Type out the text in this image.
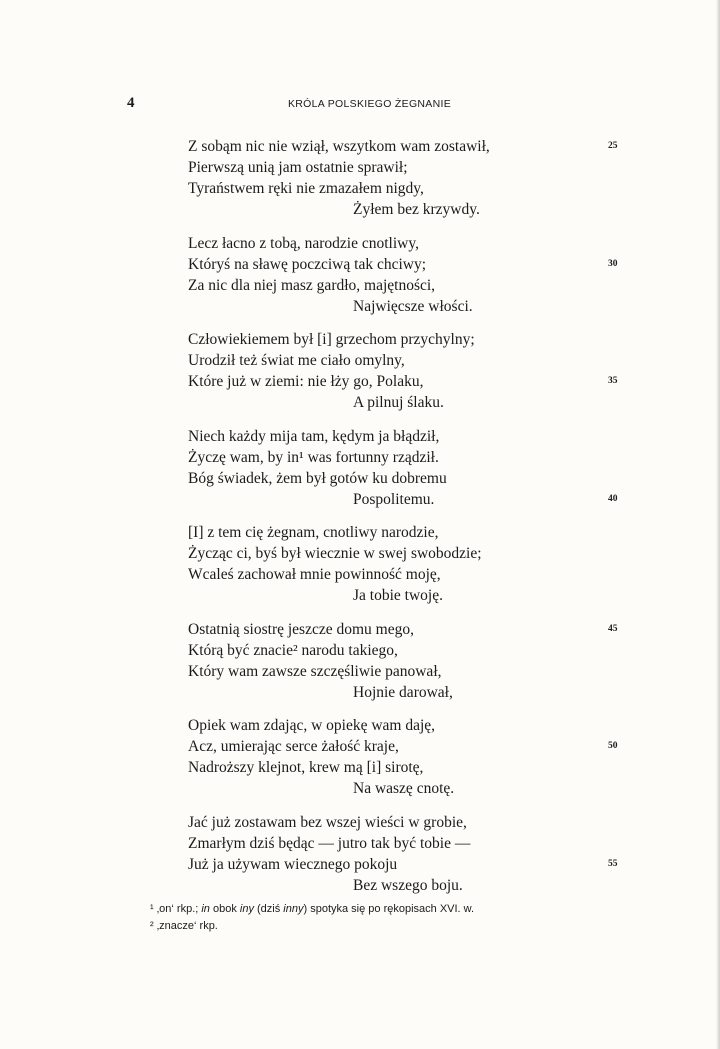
4	KRÓLA POLSKIEGO ŻEGNANIE
Z sobąm nic nie wziął, wszytkom wam zostawił,	25
Pierwszą unią jam ostatnie sprawił;
Tyraństwem ręki nie zmazałem nigdy,
Żyłem bez krzywdy.
Lecz łacno z tobą, narodzie cnotliwy,
Któryś na sławę poczciwą tak chciwy;	30
Za nic dla niej masz gardło, majętności,
Najwięcsze włości.
Człowiekiemem był [i] grzechom przychylny;
Urodził też świat me ciało omylny,
Które już w ziemi: nie łży go, Polaku,	35
A pilnuj ślaku.
Niech każdy mija tam, kędym ja błądził,
Życzę wam, by in¹ was fortunny rządził.
Bóg świadek, żem był gotów ku dobremu
Pospolitemu.	40
[I] z tem cię żegnam, cnotliwy narodzie,
Życząc ci, byś był wiecznie w swej swobodzie;
Wcaleś zachował mnie powinność moję,
Ja tobie twoję.
Ostatnią siostrę jeszcze domu mego,	45
Którą być znacie² narodu takiego,
Który wam zawsze szczęśliwie panował,
Hojnie darował,
Opiek wam zdając, w opiekę wam daję,
Acz, umierając serce żałość kraje,	50
Nadroższy klejnot, krew mą [i] sirotę,
Na waszę cnotę.
Jać już zostawam bez wszej wieści w grobie,
Zmarłym dziś będąc — jutro tak być tobie —
Już ja używam wiecznego pokoju	55
Bez wszego boju.
¹ ‚on‘ rkp.; in obok iny (dziś inny) spotyka się po rękopisach XVI. w.
² ‚znacze‘ rkp.
